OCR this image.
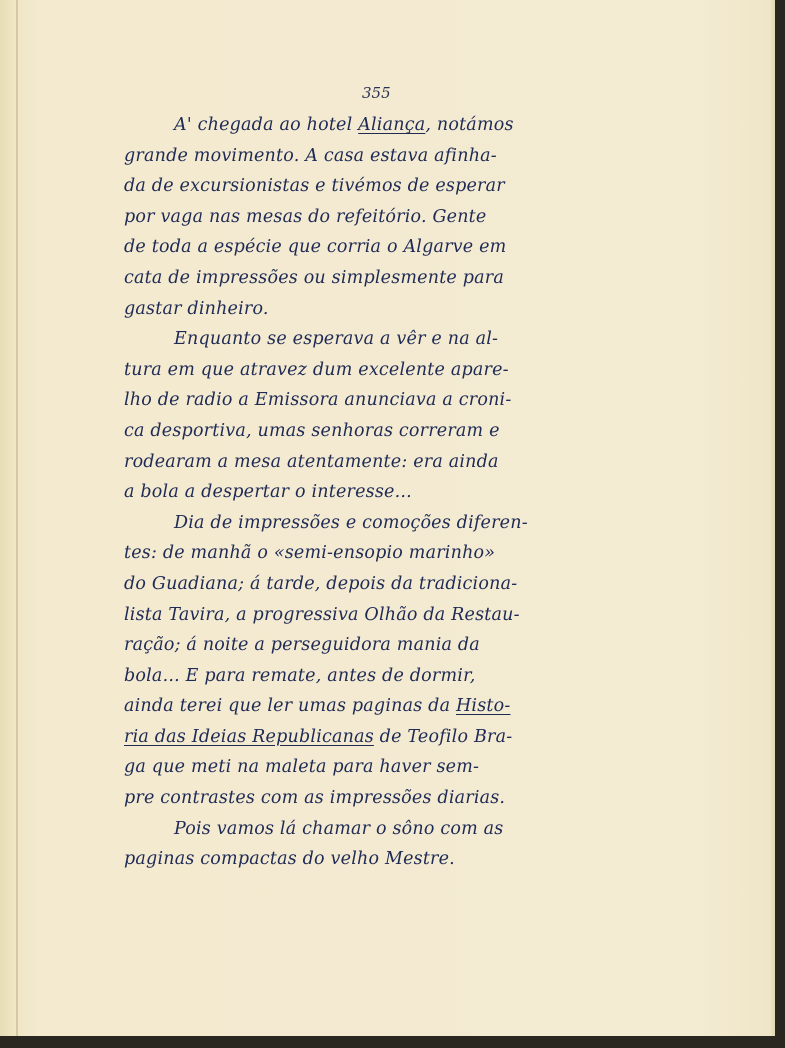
355
A' chegada ao hotel Aliança, notámos
grande movimento. A casa estava afinha-
da de excursionistas e tivémos de esperar
por vaga nas mesas do refeitório. Gente
de toda a espécie que corria o Algarve em
cata de impressões ou simplesmente para
gastar dinheiro.
Enquanto se esperava a vêr e na al-
tura em que atravez dum excelente apare-
lho de radio a Emissora anunciava a croni-
ca desportiva, umas senhoras correram e
rodearam a mesa atentamente: era ainda
a bola a despertar o interesse...
Dia de impressões e comoções diferen-
tes: de manhã o «semi-ensopio marinho»
do Guadiana; á tarde, depois da tradiciona-
lista Tavira, a progressiva Olhão da Restau-
ração; á noite a perseguidora mania da
bola... E para remate, antes de dormir,
ainda terei que ler umas paginas da Histo-
ria das Ideias Republicanas de Teofilo Bra-
ga que meti na maleta para haver sem-
pre contrastes com as impressões diarias.
Pois vamos lá chamar o sôno com as
paginas compactas do velho Mestre.
